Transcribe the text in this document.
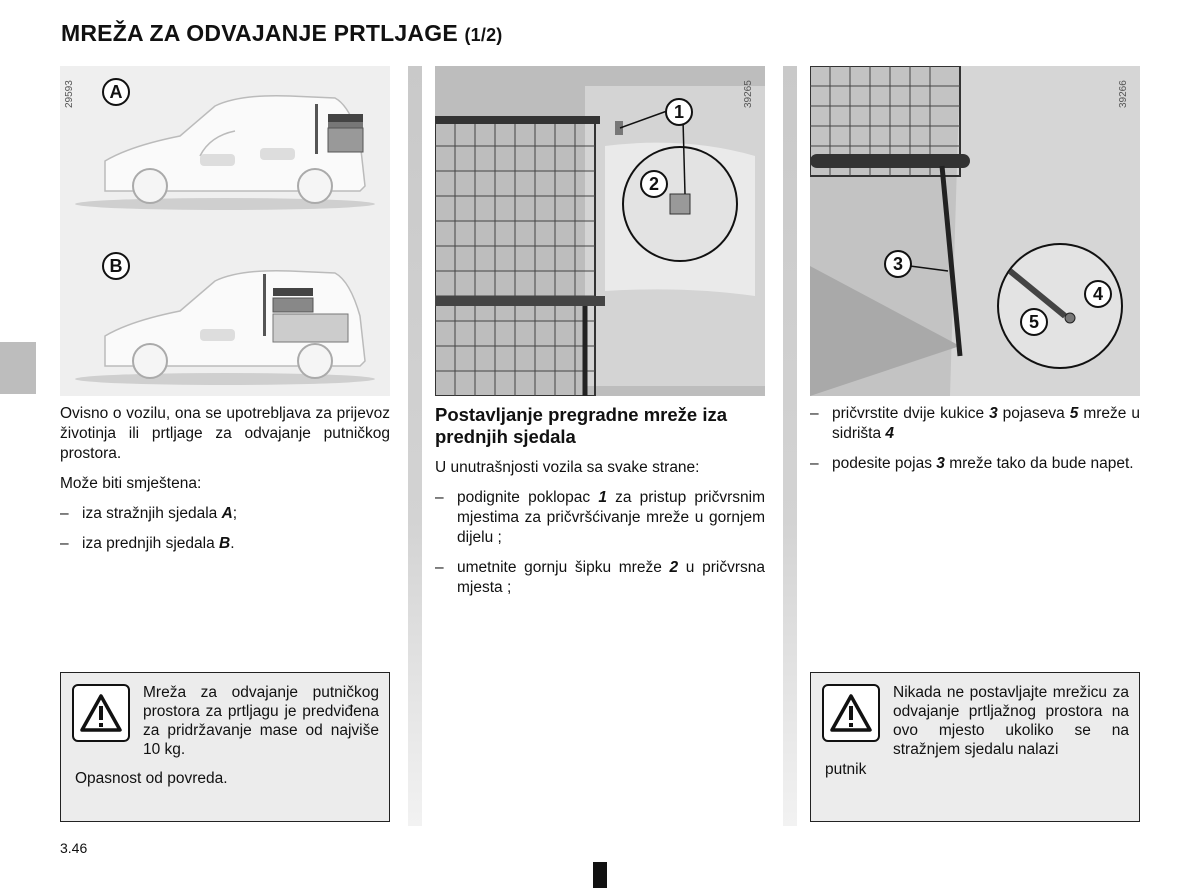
MREŽA ZA ODVAJANJE PRTLJAGE (1/2)
29593	A
B
39265
1
2
39266
3
4
5

Ovisno o vozilu, ona se upotrebljava za prijevoz životinja ili prtljage za odvajanje putničkog prostora.

Može biti smještena:

– iza stražnjih sjedala A;
– iza prednjih sjedala B.
Mreža za odvajanje putničkog prostora za prtljagu je predviđena za pridržavanje mase od najviše 10 kg.
Opasnost od povreda.
Postavljanje pregradne mreže iza prednjih sjedala

U unutrašnjosti vozila sa svake strane:

– podignite poklopac 1 za pristup pričvrsnim mjestima za pričvršćivanje mreže u gornjem dijelu ;
– umetnite gornju šipku mreže 2 u pričvrsna mjesta ;
– pričvrstite dvije kukice 3 pojaseva 5 mreže u sidrišta 4
– podesite pojas 3 mreže tako da bude napet.
Nikada ne postavljajte mrežicu za odvajanje prtljažnog prostora na ovo mjesto ukoliko se na stražnjem sjedalu nalazi
putnik
3.46
